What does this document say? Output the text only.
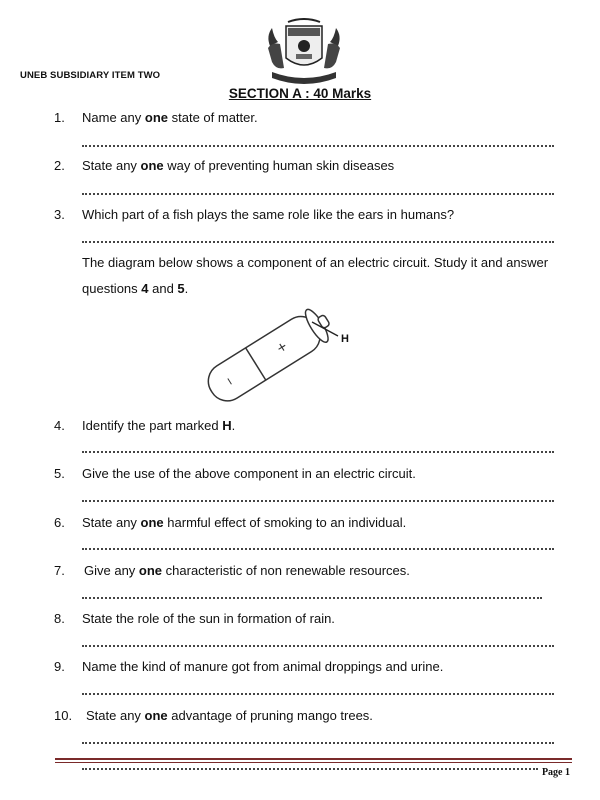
UNEB SUBSIDIARY ITEM TWO
SECTION A : 40 Marks
1. Name any one state of matter.
2. State any one way of preventing human skin diseases
3. Which part of a fish plays the same role like the ears in humans?
The diagram below shows a component of an electric circuit. Study it and answer questions 4 and 5.
+
−
H
4. Identify the part marked H.
5. Give the use of the above component in an electric circuit.
6. State any one harmful effect of smoking to an individual.
7. Give any one characteristic of non renewable resources.
8. State the role of the sun in formation of rain.
9. Name the kind of manure got from animal droppings and urine.
10. State any one advantage of pruning mango trees.
Page 1
